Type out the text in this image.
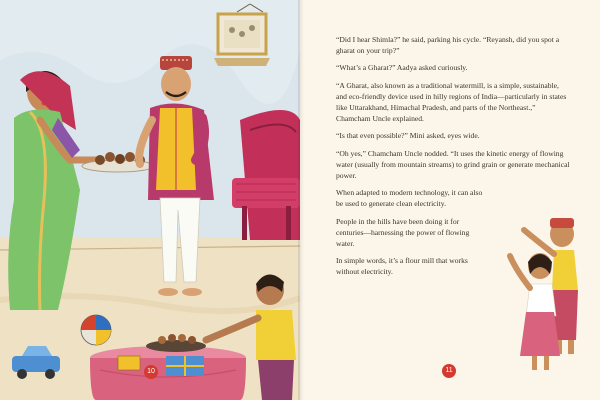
10

“Did I hear Shimla?” he said, parking his cycle. “Reyansh, did you spot a gharat on your trip?”

“What’s a Gharat?” Aadya asked curiously.

“A Gharat, also known as a traditional watermill, is a simple, sustainable, and eco-friendly device used in hilly regions of India—particularly in states like Uttarakhand, Himachal Pradesh, and parts of the Northeast.,” Chamcham Uncle explained.

“Is that even possible?” Mini asked, eyes wide.

“Oh yes,” Chamcham Uncle nodded. “It uses the kinetic energy of flowing water (usually from mountain streams) to grind grain or generate mechanical power.

When adapted to modern technology, it can also be used to generate clean electricity.

People in the hills have been doing it for centuries—harnessing the power of flowing water.

In simple words, it’s a flour mill that works without electricity.

11
